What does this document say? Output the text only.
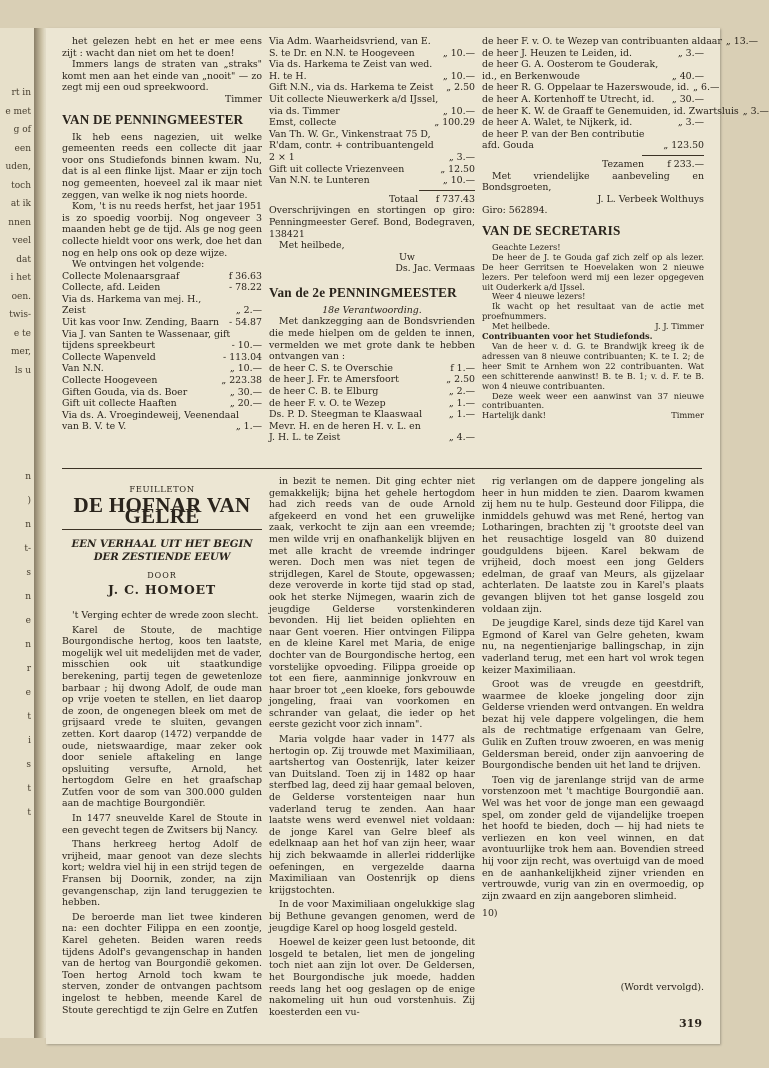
rt in
e met
g of
een
uden,
toch
at ik
nnen
veel
dat
i het
oen.
twis-
e te
mer,
ls u
n
)
n
t-
s
n
e
n
r
e
t
i
s
t
t

het gelezen hebt en het er mee eens zijt : wacht dan niet om het te doen!

Immers langs de straten van „straks" komt men aan het einde van „nooit" — zo zegt mij een oud spreekwoord.

Timmer

VAN DE PENNINGMEESTER

Ik heb eens nagezien, uit welke gemeenten reeds een collecte dit jaar voor ons Studiefonds binnen kwam. Nu, dat is al een flinke lijst. Maar er zijn toch nog gemeenten, hoeveel zal ik maar niet zeggen, van welke ik nog niets hoorde.

Kom, 't is nu reeds herfst, het jaar 1951 is zo spoedig voorbij. Nog ongeveer 3 maanden hebt ge de tijd. Als ge nog geen collecte hieldt voor ons werk, doe het dan nog en help ons ook op deze wijze.

We ontvingen het volgende:

Collecte Molenaarsgraaf	f 36.63
Collecte, afd. Leiden	- 78.22
Via ds. Harkema van mej. H.,
Zeist	„ 2.—
Uit kas voor Inw. Zending, Baarn	- 54.87
Via J. van Santen te Wassenaar, gift
tijdens spreekbeurt	- 10.—
Collecte Wapenveld	- 113.04
Van N.N.	„ 10.—
Collecte Hoogeveen	„ 223.38
Giften Gouda, via ds. Boer	„ 30.—
Gift uit collecte Haaften	„ 20.—
Via ds. A. Vroegindeweij, Veenendaal
van B. V. te V.	„ 1.—
Via Adm. Waarheidsvriend, van E.
S. te Dr. en N.N. te Hoogeveen	„ 10.—
Via ds. Harkema te Zeist van wed.
H. te H.	„ 10.—
Gift N.N., via ds. Harkema te Zeist	„ 2.50
Uit collecte Nieuwerkerk a/d IJssel,
via ds. Timmer	„ 10.—
Emst, collecte	„ 100.29
Van Th. W. Gr., Vinkenstraat 75 D,
R'dam, contr. + contribuantengeld
2 × 1	„ 3.—
Gift uit collecte Vriezenveen	„ 12.50
Van N.N. te Lunteren	„ 10.—
Totaal	f 737.43

Overschrijvingen en stortingen op giro: Penningmeester Geref. Bond, Bodegraven, 138421

Met heilbede,

Uw

Ds. Jac. Vermaas

Van de 2e PENNINGMEESTER

18e Verantwoording.

Met dankzegging aan de Bondsvrienden die mede hielpen om de gelden te innen, vermelden we met grote dank te hebben ontvangen van :

de heer C. S. te Overschie	f 1.—
de heer J. Fr. te Amersfoort	„ 2.50
de heer C. B. te Elburg	„ 2.—
de heer F. v. O. te Wezep	„ 1.—
Ds. P. D. Steegman te Klaaswaal	„ 1.—
Mevr. H. en de heren H. v. L. en
J. H. L. te Zeist	„ 4.—
de heer F. v. O. te Wezep van contribuanten aldaar „ 13.—
de heer J. Heuzen te Leiden, id.	„ 3.—
de heer G. A. Oosterom te Gouderak,
id., en Berkenwoude	„ 40.—
de heer R. G. Oppelaar te Hazerswoude, id. „ 6.—
de heer A. Kortenhoff te Utrecht, id.	„ 30.—
de heer K. W. de Graaff te Genemuiden, id. Zwartsluis „ 3.—
de heer A. Walet, te Nijkerk, id.	„ 3.—
de heer P. van der Ben contributie
afd. Gouda	„ 123.50
Tezamen	f 233.—

Met vriendelijke aanbeveling en Bondsgroeten,

J. L. Verbeek Wolthuys

Giro: 562894.

VAN DE SECRETARIS

Geachte Lezers!

De heer de J. te Gouda gaf zich zelf op als lezer. De heer Gerritsen te Hoevelaken won 2 nieuwe lezers. Per telefoon werd mij een lezer opgegeven uit Ouderkerk a/d IJssel.

Weer 4 nieuwe lezers!

Ik wacht op het resultaat van de actie met proefnummers.

Met heilbede.	J. J. Timmer

Contribuanten voor het Studiefonds.

Van de heer v. d. G. te Brandwijk kreeg ik de adressen van 8 nieuwe contribuanten; K. te I. 2; de heer Smit te Arnhem won 22 contribuanten. Wat een schitterende aanwinst! B. te B. 1; v. d. F. te B. won 4 nieuwe contribuanten.

Deze week weer een aanwinst van 37 nieuwe contribuanten.

Hartelijk dank!	Timmer
FEUILLETON
DE HOFNAR VAN GELRE
EEN VERHAAL UIT HET BEGIN
DER ZESTIENDE EEUW
DOOR
J. C. HOMOET

't Verging echter de wrede zoon slecht.

Karel de Stoute, de machtige Bourgondische hertog, koos ten laatste, mogelijk wel uit medelijden met de vader, misschien ook uit staatkundige berekening, partij tegen de gewetenloze barbaar ; hij dwong Adolf, de oude man op vrije voeten te stellen, en liet daarop de zoon, de ongenegen bleek om met de grijsaard vrede te sluiten, gevangen zetten. Kort daarop (1472) verpandde de oude, nietswaardige, maar zeker ook door seniele aftakeling en lange opsluiting versufte, Arnold, het hertogdom Gelre en het graafschap Zutfen voor de som van 300.000 gulden aan de machtige Bourgondiër.

In 1477 sneuvelde Karel de Stoute in een gevecht tegen de Zwitsers bij Nancy.

Thans herkreeg hertog Adolf de vrijheid, maar genoot van deze slechts kort; weldra viel hij in een strijd tegen de Fransen bij Doornik, zonder, na zijn gevangenschap, zijn land teruggezien te hebben.

De beroerde man liet twee kinderen na: een dochter Filippa en een zoontje, Karel geheten. Beiden waren reeds tijdens Adolf's gevangenschap in handen van de hertog van Bourgondië gekomen. Toen hertog Arnold toch kwam te sterven, zonder de ontvangen pachtsom ingelost te hebben, meende Karel de Stoute gerechtigd te zijn Gelre en Zutfen

in bezit te nemen. Dit ging echter niet gemakkelijk; bijna het gehele hertogdom had zich reeds van de oude Arnold afgekeerd en vond het een gruwelijke zaak, verkocht te zijn aan een vreemde; men wilde vrij en onafhankelijk blijven en met alle kracht de vreemde indringer weren. Doch men was niet tegen de strijdlegen, Karel de Stoute, opgewassen; deze veroverde in korte tijd stad op stad, ook het sterke Nijmegen, waarin zich de jeugdige Gelderse vorstenkinderen bevonden. Hij liet beiden opliehten en naar Gent voeren. Hier ontvingen Filippa en de kleine Karel met Maria, de enige dochter van de Bourgondische hertog, een vorstelijke opvoeding. Filippa groeide op tot een fiere, aanminnige jonkvrouw en haar broer tot „een kloeke, fors gebouwde jongeling, fraai van voorkomen en schrander van gelaat, die ieder op het eerste gezicht voor zich innam".

Maria volgde haar vader in 1477 als hertogin op. Zij trouwde met Maximiliaan, aartshertog van Oostenrijk, later keizer van Duitsland. Toen zij in 1482 op haar sterfbed lag, deed zij haar gemaal beloven, de Gelderse vorstenteigen naar hun vaderland terug te zenden. Aan haar laatste wens werd evenwel niet voldaan: de jonge Karel van Gelre bleef als edelknaap aan het hof van zijn heer, waar hij zich bekwaamde in allerlei ridderlijke oefeningen, en vergezelde daarna Maximiliaan van Oostenrijk op diens krijgstochten.

In de voor Maximiliaan ongelukkige slag bij Bethune gevangen genomen, werd de jeugdige Karel op hoog losgeld gesteld.

Hoewel de keizer geen lust betoonde, dit losgeld te betalen, liet men de jongeling toch niet aan zijn lot over. De Geldersen, het Bourgondische juk moede, hadden reeds lang het oog geslagen op de enige nakomeling uit hun oud vorstenhuis. Zij koesterden een vu-

rig verlangen om de dappere jongeling als heer in hun midden te zien. Daarom kwamen zij hem nu te hulp. Gesteund door Filippa, die inmiddels gehuwd was met René, hertog van Lotharingen, brachten zij 't grootste deel van het reusachtige losgeld van 80 duizend goudguldens bijeen. Karel bekwam de vrijheid, doch moest een jong Gelders edelman, de graaf van Meurs, als gijzelaar achterlaten. De laatste zou in Karel's plaats gevangen blijven tot het ganse losgeld zou voldaan zijn.

De jeugdige Karel, sinds deze tijd Karel van Egmond of Karel van Gelre geheten, kwam nu, na negentienjarige ballingschap, in zijn vaderland terug, met een hart vol wrok tegen keizer Maximiliaan.

Groot was de vreugde en geestdrift, waarmee de kloeke jongeling door zijn Gelderse vrienden werd ontvangen. En weldra bezat hij vele dappere volgelingen, die hem als de rechtmatige erfgenaam van Gelre, Gulik en Zuften trouw zwoeren, en was menig Geldersman bereid, onder zijn aanvoering de Bourgondische benden uit het land te drijven.

Toen vig de jarenlange strijd van de arme vorstenzoon met 't machtige Bourgondië aan. Wel was het voor de jonge man een gewaagd spel, om zonder geld de vijandelijke troepen het hoofd te bieden, doch — hij had niets te verliezen en kon veel winnen, en dat avontuurlijke trok hem aan. Bovendien streed hij voor zijn recht, was overtuigd van de moed en de aanhankelijkheid zijner vrienden en vertrouwde, vurig van zin en overmoedig, op zijn zwaard en zijn aangeboren slimheid.

10)

(Wordt vervolgd).

319
